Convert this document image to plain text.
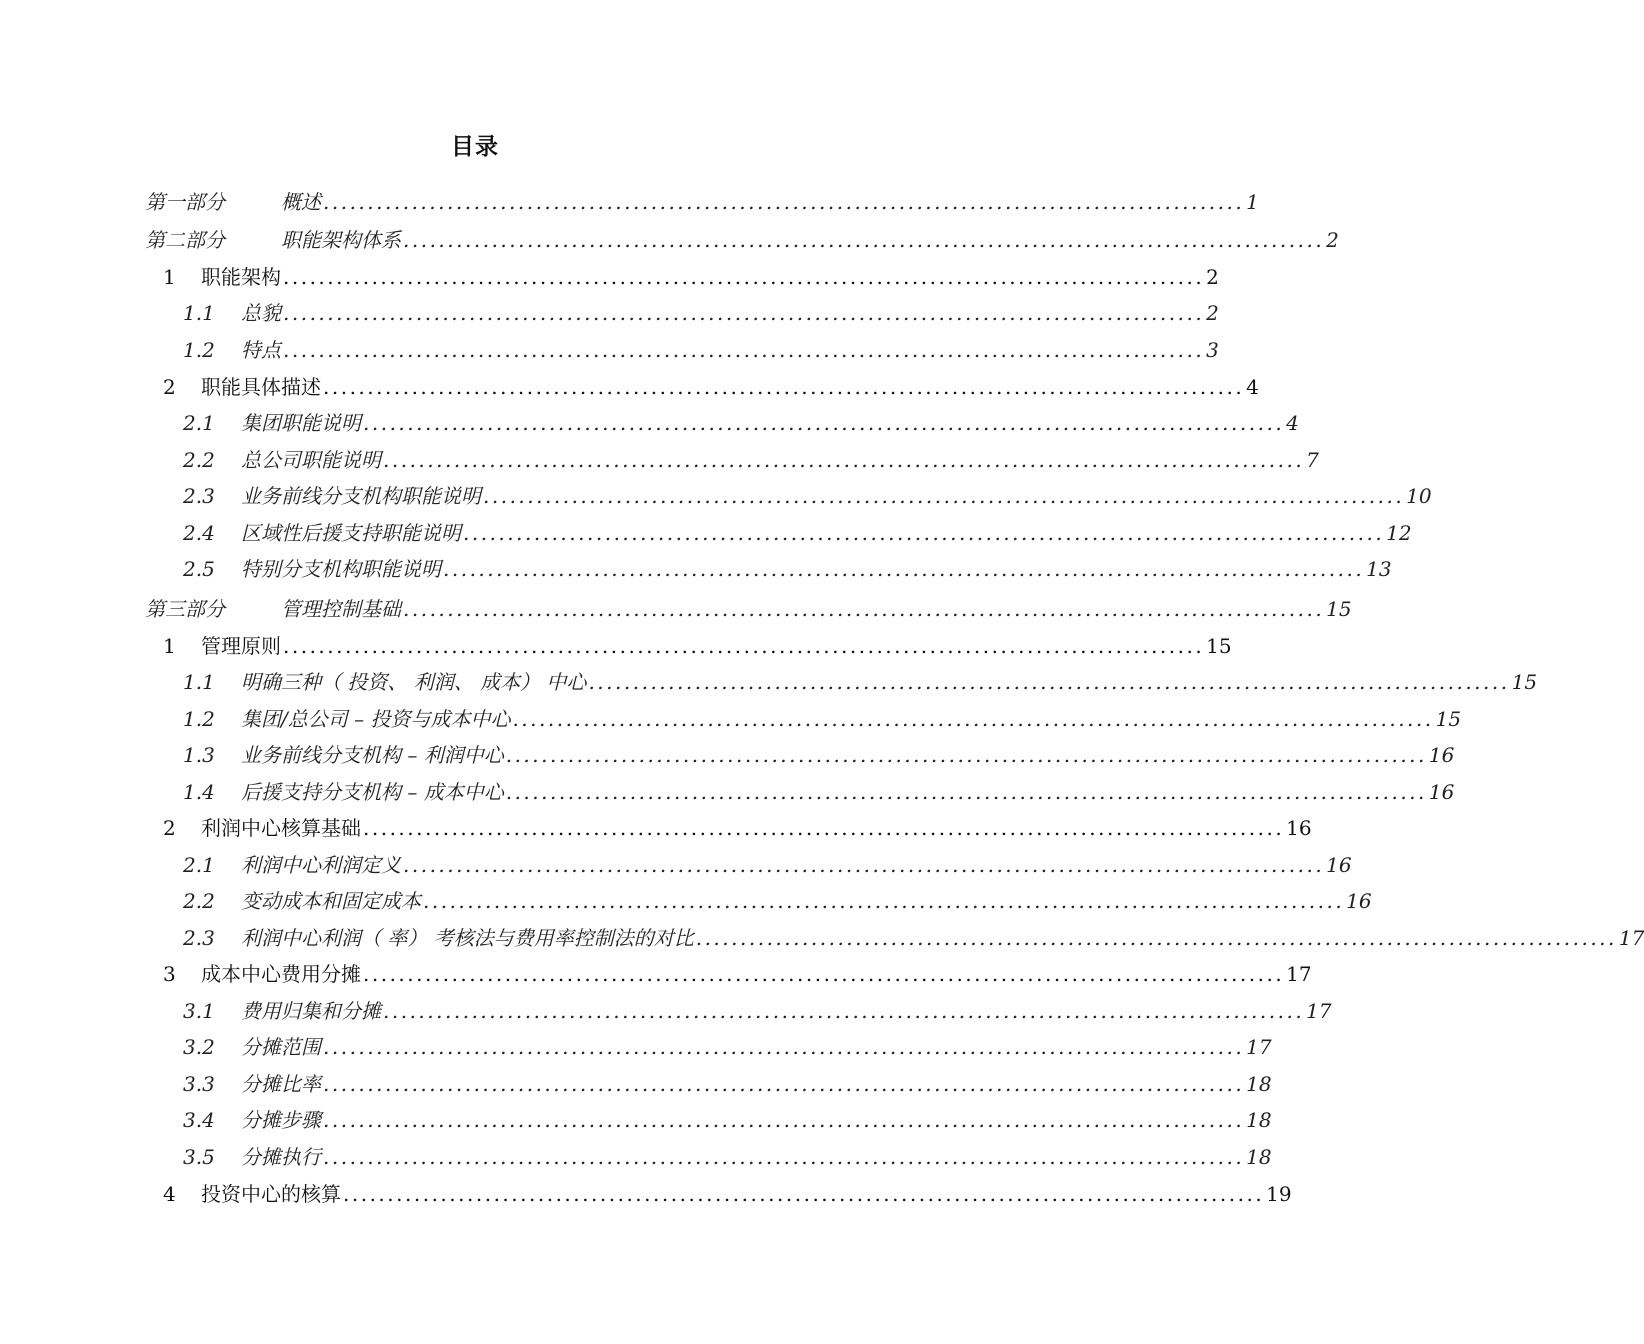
目录
第一部分	概述 ........................................................................................................ 1
第二部分	职能架构体系 ........................................................................................................ 2
1	职能架构 ........................................................................................................ 2
1.1	总貌 ........................................................................................................ 2
1.2	特点 ........................................................................................................ 3
2	职能具体描述 ........................................................................................................ 4
2.1	集团职能说明 ........................................................................................................ 4
2.2	总公司职能说明 ........................................................................................................ 7
2.3	业务前线分支机构职能说明 ........................................................................................................ 10
2.4	区域性后援支持职能说明 ........................................................................................................ 12
2.5	特别分支机构职能说明 ........................................................................................................ 13
第三部分	管理控制基础 ........................................................................................................ 15
1	管理原则 ........................................................................................................ 15
1.1	明确三种（ 投资、 利润、 成本） 中心 ........................................................................................................ 15
1.2	集团/总公司 – 投资与成本中心 ........................................................................................................ 15
1.3	业务前线分支机构 – 利润中心 ........................................................................................................ 16
1.4	后援支持分支机构 – 成本中心 ........................................................................................................ 16
2	利润中心核算基础 ........................................................................................................ 16
2.1	利润中心利润定义 ........................................................................................................ 16
2.2	变动成本和固定成本 ........................................................................................................ 16
2.3	利润中心利润（ 率） 考核法与费用率控制法的对比 ........................................................................................................ 17
3	成本中心费用分摊 ........................................................................................................ 17
3.1	费用归集和分摊 ........................................................................................................ 17
3.2	分摊范围 ........................................................................................................ 17
3.3	分摊比率 ........................................................................................................ 18
3.4	分摊步骤 ........................................................................................................ 18
3.5	分摊执行 ........................................................................................................ 18
4	投资中心的核算 ........................................................................................................ 19
